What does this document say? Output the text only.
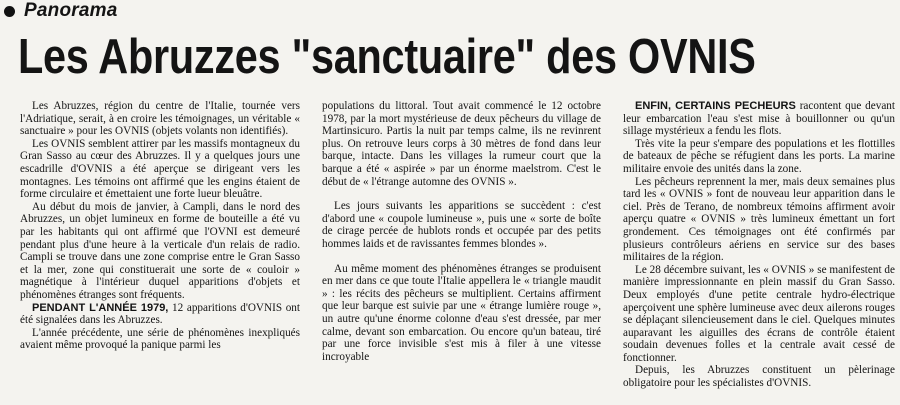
Panorama
Les Abruzzes "sanctuaire" des OVNIS

Les Abruzzes, région du centre de l'Italie, tournée vers l'Adriatique, serait, à en croire les témoignages, un véritable « sanctuaire » pour les OVNIS (objets volants non identifiés).

Les OVNIS semblent attirer par les massifs montagneux du Gran Sasso au cœur des Abruzzes. Il y a quelques jours une escadrille d'OVNIS a été aperçue se dirigeant vers les montagnes. Les témoins ont affirmé que les engins étaient de forme circulaire et émettaient une forte lueur bleuâtre.

Au début du mois de janvier, à Campli, dans le nord des Abruzzes, un objet lumineux en forme de bouteille a été vu par les habitants qui ont affirmé que l'OVNI est demeuré pendant plus d'une heure à la verticale d'un relais de radio. Campli se trouve dans une zone comprise entre le Gran Sasso et la mer, zone qui constituerait une sorte de « couloir » magnétique à l'intérieur duquel apparitions d'objets et phénomènes étranges sont fréquents.

PENDANT L'ANNÉE 1979, 12 apparitions d'OVNIS ont été signalées dans les Abruzzes.

L'année précédente, une série de phénomènes inexpliqués avaient même provoqué la panique parmi les

populations du littoral. Tout avait commencé le 12 octobre 1978, par la mort mystérieuse de deux pêcheurs du village de Martinsicuro. Partis la nuit par temps calme, ils ne revinrent plus. On retrouve leurs corps à 30 mètres de fond dans leur barque, intacte. Dans les villages la rumeur court que la barque a été « aspirée » par un énorme maelstrom. C'est le début de « l'étrange automne des OVNIS ».

Les jours suivants les apparitions se succèdent : c'est d'abord une « coupole lumineuse », puis une « sorte de boîte de cirage percée de hublots ronds et occupée par des petits hommes laids et de ravissantes femmes blondes ».

Au même moment des phénomènes étranges se produisent en mer dans ce que toute l'Italie appellera le « triangle maudit » : les récits des pêcheurs se multiplient. Certains affirment que leur barque est suivie par une « étrange lumière rouge », un autre qu'une énorme colonne d'eau s'est dressée, par mer calme, devant son embarcation. Ou encore qu'un bateau, tiré par une force invisible s'est mis à filer à une vitesse incroyable

ENFIN, CERTAINS PECHEURS racontent que devant leur embarcation l'eau s'est mise à bouillonner ou qu'un sillage mystérieux a fendu les flots.

Très vite la peur s'empare des populations et les flottilles de bateaux de pêche se réfugient dans les ports. La marine militaire envoie des unités dans la zone.

Les pêcheurs reprennent la mer, mais deux semaines plus tard les « OVNIS » font de nouveau leur apparition dans le ciel. Près de Terano, de nombreux témoins affirment avoir aperçu quatre « OVNIS » très lumineux émettant un fort grondement. Ces témoignages ont été confirmés par plusieurs contrôleurs aériens en service sur des bases militaires de la région.

Le 28 décembre suivant, les « OVNIS » se manifestent de manière impressionnante en plein massif du Gran Sasso. Deux employés d'une petite centrale hydro-électrique aperçoivent une sphère lumineuse avec deux ailerons rouges se déplaçant silencieusement dans le ciel. Quelques minutes auparavant les aiguilles des écrans de contrôle étaient soudain devenues folles et la centrale avait cessé de fonctionner.

Depuis, les Abruzzes constituent un pèlerinage obligatoire pour les spécialistes d'OVNIS.
